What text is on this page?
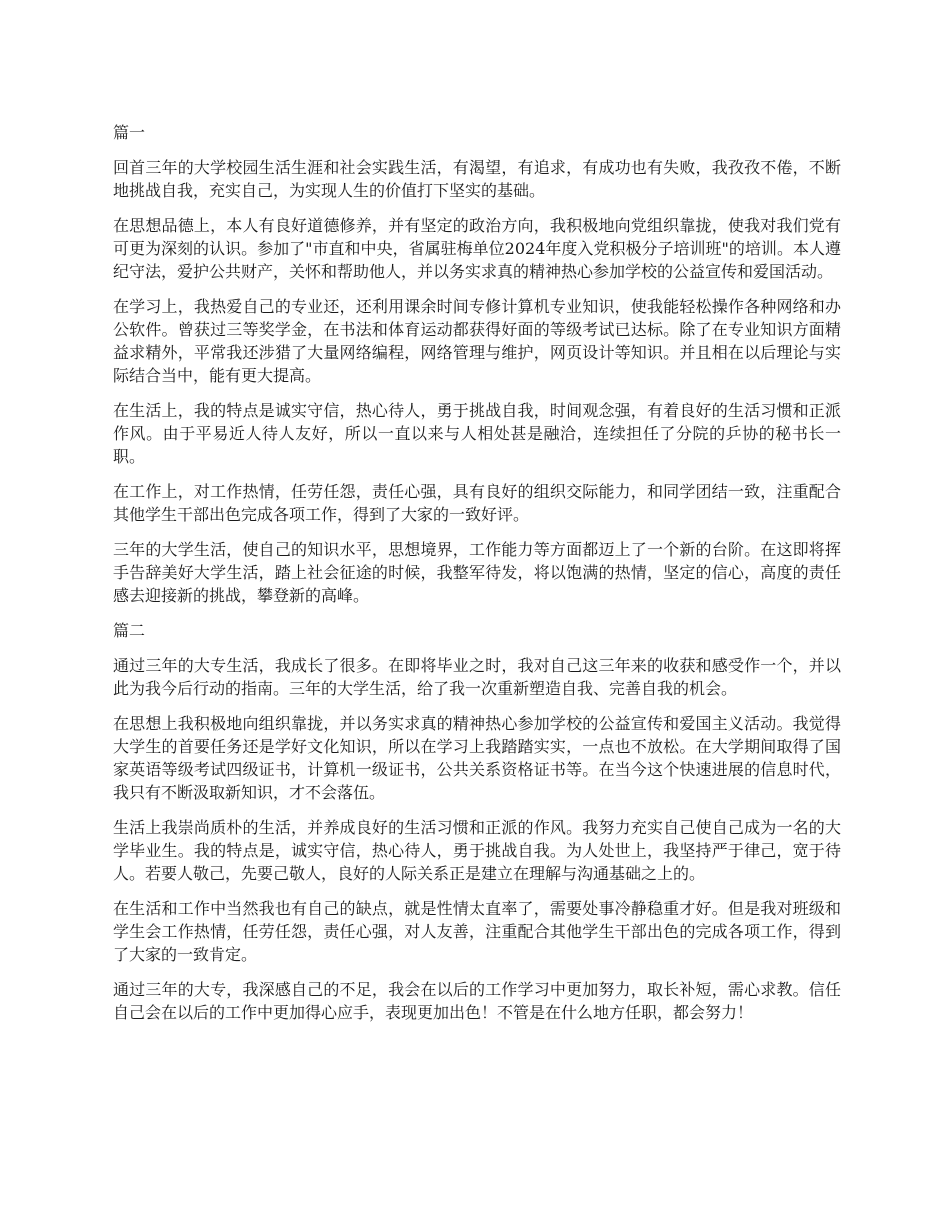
篇一

回首三年的大学校园生活生涯和社会实践生活，有渴望，有追求，有成功也有失败，我孜孜不倦，不断地挑战自我，充实自己，为实现人生的价值打下坚实的基础。

在思想品德上，本人有良好道德修养，并有坚定的政治方向，我积极地向党组织靠拢，使我对我们党有可更为深刻的认识。参加了"市直和中央，省属驻梅单位2024年度入党积极分子培训班"的培训。本人遵纪守法，爱护公共财产，关怀和帮助他人，并以务实求真的精神热心参加学校的公益宣传和爱国活动。

在学习上，我热爱自己的专业还，还利用课余时间专修计算机专业知识，使我能轻松操作各种网络和办公软件。曾获过三等奖学金，在书法和体育运动都获得好面的等级考试已达标。除了在专业知识方面精益求精外，平常我还涉猎了大量网络编程，网络管理与维护，网页设计等知识。并且相在以后理论与实际结合当中，能有更大提高。

在生活上，我的特点是诚实守信，热心待人，勇于挑战自我，时间观念强，有着良好的生活习惯和正派作风。由于平易近人待人友好，所以一直以来与人相处甚是融洽，连续担任了分院的乒协的秘书长一职。

在工作上，对工作热情，任劳任怨，责任心强，具有良好的组织交际能力，和同学团结一致，注重配合其他学生干部出色完成各项工作，得到了大家的一致好评。

三年的大学生活，使自己的知识水平，思想境界，工作能力等方面都迈上了一个新的台阶。在这即将挥手告辞美好大学生活，踏上社会征途的时候，我整军待发，将以饱满的热情，坚定的信心，高度的责任感去迎接新的挑战，攀登新的高峰。

篇二

通过三年的大专生活，我成长了很多。在即将毕业之时，我对自己这三年来的收获和感受作一个，并以此为我今后行动的指南。三年的大学生活，给了我一次重新塑造自我、完善自我的机会。

在思想上我积极地向组织靠拢，并以务实求真的精神热心参加学校的公益宣传和爱国主义活动。我觉得大学生的首要任务还是学好文化知识，所以在学习上我踏踏实实，一点也不放松。在大学期间取得了国家英语等级考试四级证书，计算机一级证书，公共关系资格证书等。在当今这个快速进展的信息时代，我只有不断汲取新知识，才不会落伍。

生活上我崇尚质朴的生活，并养成良好的生活习惯和正派的作风。我努力充实自己使自己成为一名的大学毕业生。我的特点是，诚实守信，热心待人，勇于挑战自我。为人处世上，我坚持严于律己，宽于待人。若要人敬己，先要己敬人，良好的人际关系正是建立在理解与沟通基础之上的。

在生活和工作中当然我也有自己的缺点，就是性情太直率了，需要处事冷静稳重才好。但是我对班级和学生会工作热情，任劳任怨，责任心强，对人友善，注重配合其他学生干部出色的完成各项工作，得到了大家的一致肯定。

通过三年的大专，我深感自己的不足，我会在以后的工作学习中更加努力，取长补短，需心求教。信任自己会在以后的工作中更加得心应手，表现更加出色！不管是在什么地方任职，都会努力！
